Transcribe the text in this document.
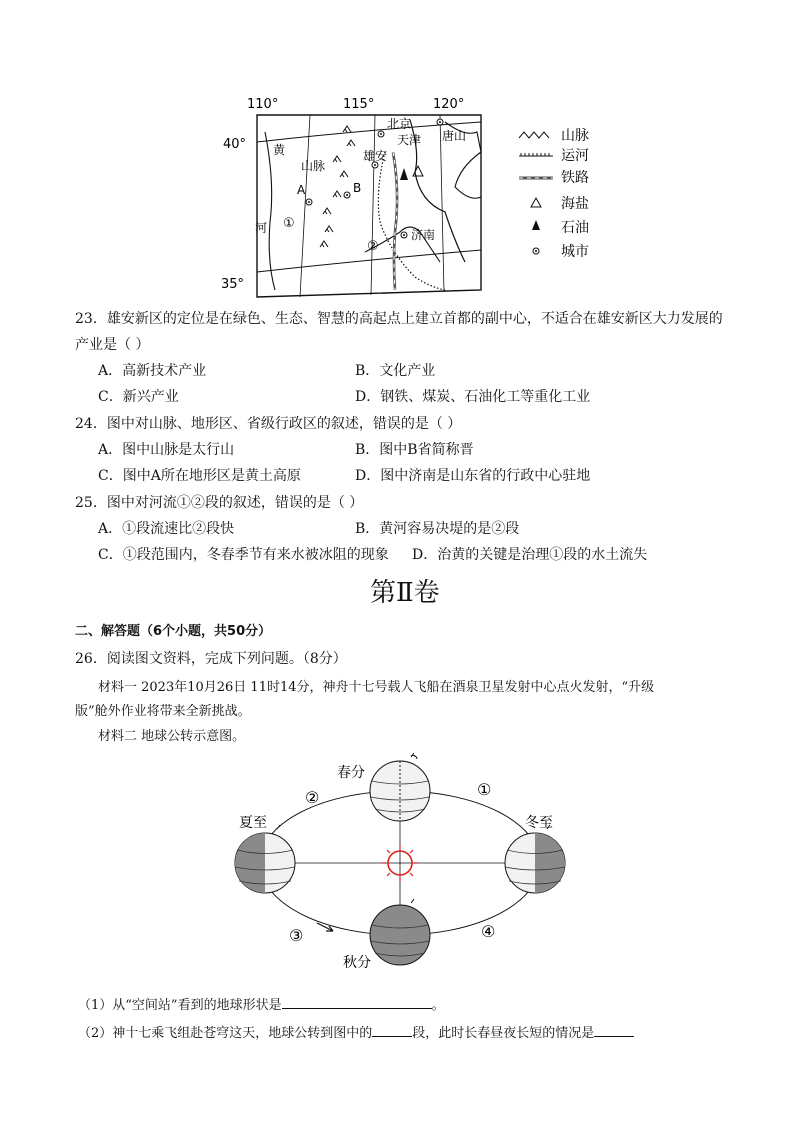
110°	115°	120°
40°
35°
北京
天津 唐山
雄安
济南
山脉
A	B
黄
河 ①
②
山脉
运河
铁路
海盐
石油
城市
23．雄安新区的定位是在绿色、生态、智慧的高起点上建立首都的副中心，不适合在雄安新区大力发展的
产业是（ ）
A．高新技术产业	B．文化产业
C．新兴产业	D．钢铁、煤炭、石油化工等重化工业
24．图中对山脉、地形区、省级行政区的叙述，错误的是（ ）
A．图中山脉是太行山	B．图中B省简称晋
C．图中A所在地形区是黄土高原	D．图中济南是山东省的行政中心驻地
25．图中对河流①②段的叙述，错误的是（ ）
A．①段流速比②段快	B．黄河容易决堤的是②段
C．①段范围内，冬春季节有来水被冰阻的现象 D．治黄的关键是治理①段的水土流失
第Ⅱ卷
二、解答题（6个小题，共50分）
26．阅读图文资料，完成下列问题。（8分）
材料一 2023年10月26日 11时14分，神舟十七号载人飞船在酒泉卫星发射中心点火发射，“升级
版”舱外作业将带来全新挑战。
材料二 地球公转示意图。
春分
夏至	冬至
秋分
②	①
③	④
（1）从“空间站”看到的地球形状是	。
（2）神十七乘飞组赴苍穹这天，地球公转到图中的	段，此时长春昼夜长短的情况是
